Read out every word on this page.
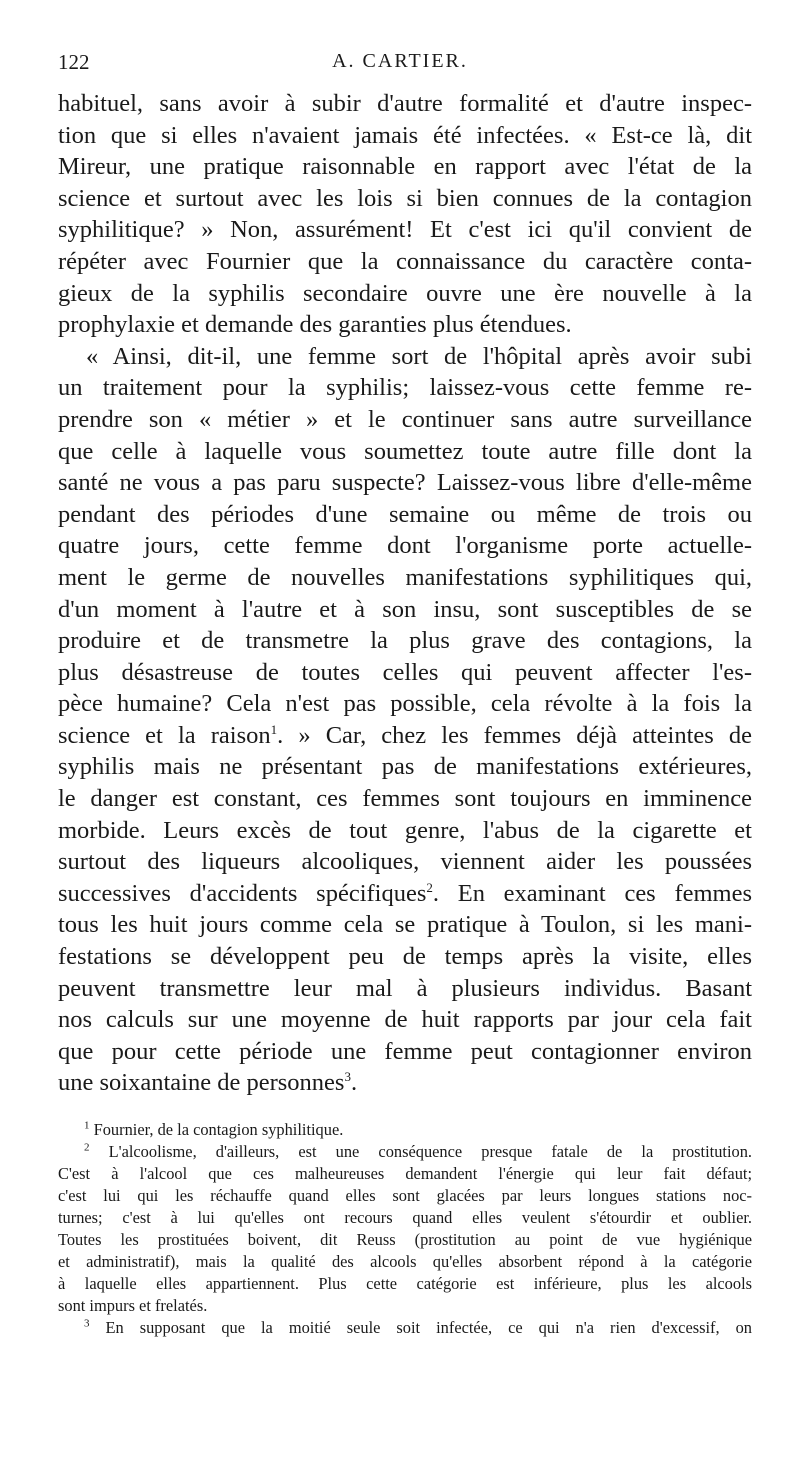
122	A. CARTIER.
habituel, sans avoir à subir d'autre formalité et d'autre inspec-
tion que si elles n'avaient jamais été infectées. « Est-ce là, dit
Mireur, une pratique raisonnable en rapport avec l'état de la
science et surtout avec les lois si bien connues de la contagion
syphilitique? » Non, assurément! Et c'est ici qu'il convient de
répéter avec Fournier que la connaissance du caractère conta-
gieux de la syphilis secondaire ouvre une ère nouvelle à la
prophylaxie et demande des garanties plus étendues.
« Ainsi, dit-il, une femme sort de l'hôpital après avoir subi
un traitement pour la syphilis; laissez-vous cette femme re-
prendre son « métier » et le continuer sans autre surveillance
que celle à laquelle vous soumettez toute autre fille dont la
santé ne vous a pas paru suspecte? Laissez-vous libre d'elle-même
pendant des périodes d'une semaine ou même de trois ou
quatre jours, cette femme dont l'organisme porte actuelle-
ment le germe de nouvelles manifestations syphilitiques qui,
d'un moment à l'autre et à son insu, sont susceptibles de se
produire et de transmetre la plus grave des contagions, la
plus désastreuse de toutes celles qui peuvent affecter l'es-
pèce humaine? Cela n'est pas possible, cela révolte à la fois la
science et la raison$^1$. » Car, chez les femmes déjà atteintes de
syphilis mais ne présentant pas de manifestations extérieures,
le danger est constant, ces femmes sont toujours en imminence
morbide. Leurs excès de tout genre, l'abus de la cigarette et
surtout des liqueurs alcooliques, viennent aider les poussées
successives d'accidents spécifiques$^2$. En examinant ces femmes
tous les huit jours comme cela se pratique à Toulon, si les mani-
festations se développent peu de temps après la visite, elles
peuvent transmettre leur mal à plusieurs individus. Basant
nos calculs sur une moyenne de huit rapports par jour cela fait
que pour cette période une femme peut contagionner environ
une soixantaine de personnes$^3$.
$^1$ Fournier, de la contagion syphilitique.
$^2$ L'alcoolisme, d'ailleurs, est une conséquence presque fatale de la prostitution.
C'est à l'alcool que ces malheureuses demandent l'énergie qui leur fait défaut;
c'est lui qui les réchauffe quand elles sont glacées par leurs longues stations noc-
turnes; c'est à lui qu'elles ont recours quand elles veulent s'étourdir et oublier.
Toutes les prostituées boivent, dit Reuss (prostitution au point de vue hygiénique
et administratif), mais la qualité des alcools qu'elles absorbent répond à la catégorie
à laquelle elles appartiennent. Plus cette catégorie est inférieure, plus les alcools
sont impurs et frelatés.
$^3$ En supposant que la moitié seule soit infectée, ce qui n'a rien d'excessif, on
